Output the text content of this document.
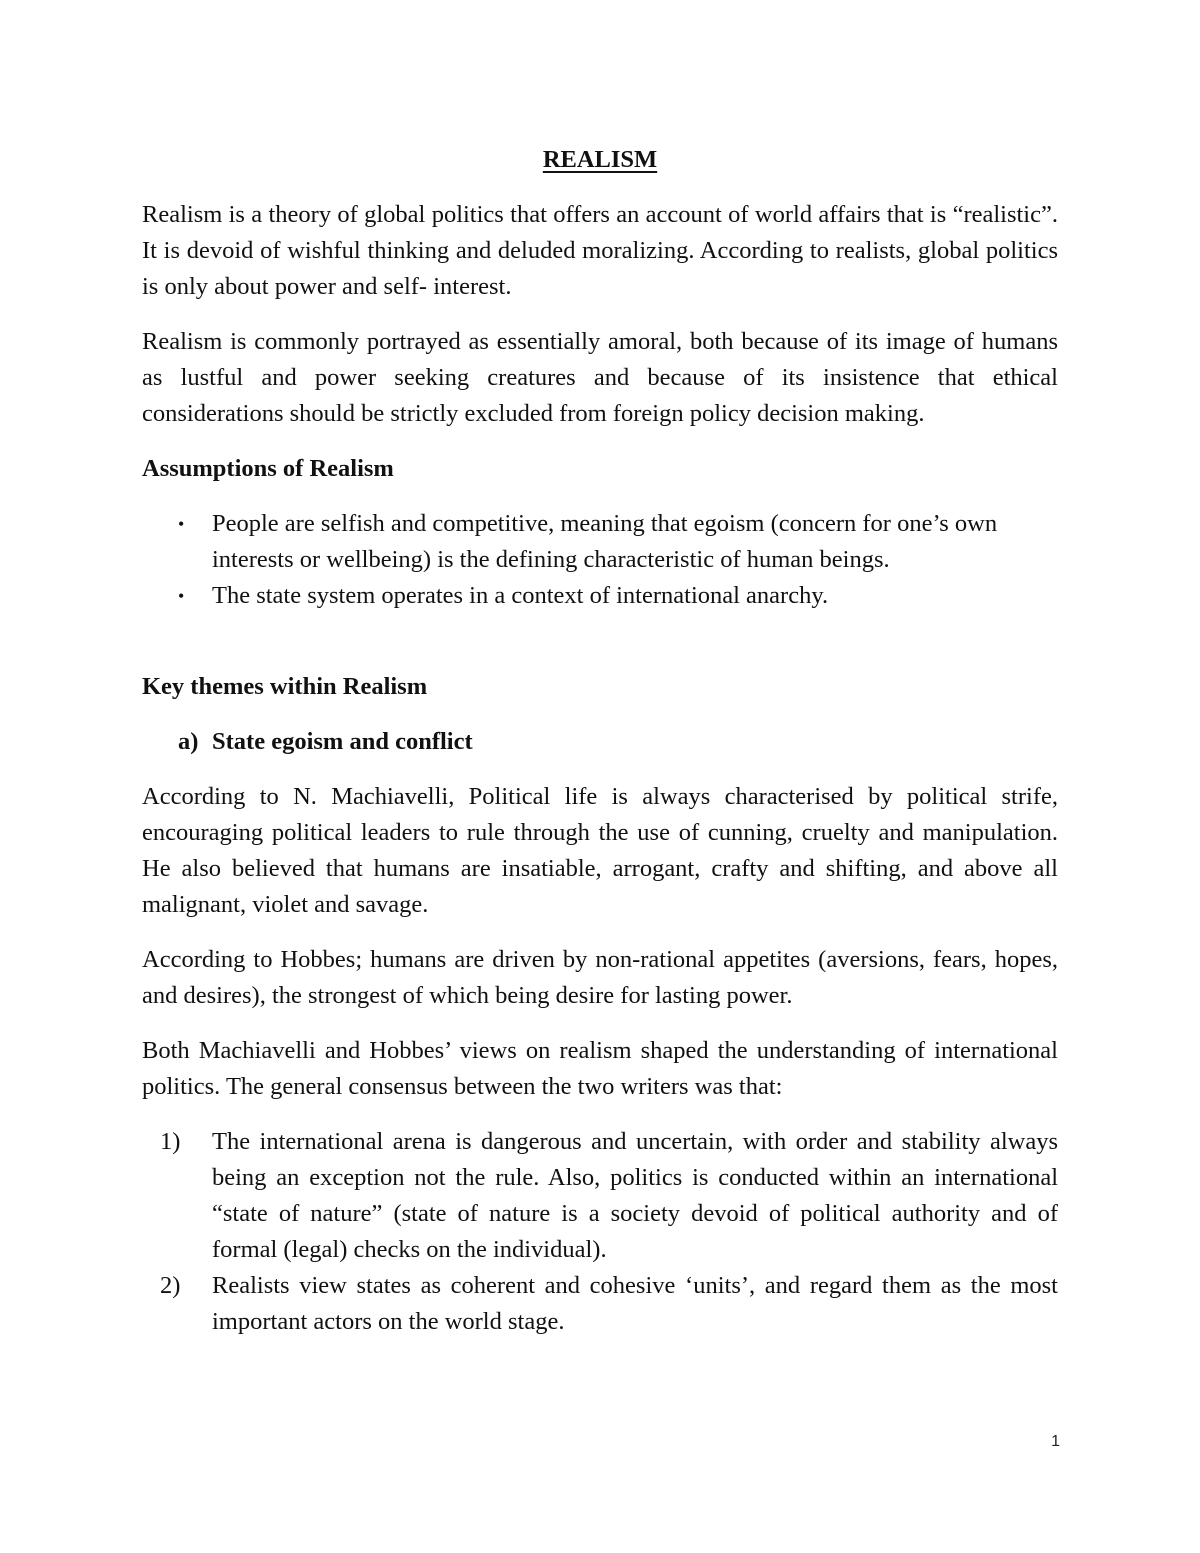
REALISM

Realism is a theory of global politics that offers an account of world affairs that is “realistic”. It is devoid of wishful thinking and deluded moralizing. According to realists, global politics is only about power and self- interest.

Realism is commonly portrayed as essentially amoral, both because of its image of humans as lustful and power seeking creatures and because of its insistence that ethical considerations should be strictly excluded from foreign policy decision making.

Assumptions of Realism
• People are selfish and competitive, meaning that egoism (concern for one’s own interests or wellbeing) is the defining characteristic of human beings.
• The state system operates in a context of international anarchy.
Key themes within Realism
a) State egoism and conflict

According to N. Machiavelli, Political life is always characterised by political strife, encouraging political leaders to rule through the use of cunning, cruelty and manipulation. He also believed that humans are insatiable, arrogant, crafty and shifting, and above all malignant, violet and savage.

According to Hobbes; humans are driven by non-rational appetites (aversions, fears, hopes, and desires), the strongest of which being desire for lasting power.

Both Machiavelli and Hobbes’ views on realism shaped the understanding of international politics. The general consensus between the two writers was that:

1) The international arena is dangerous and uncertain, with order and stability always being an exception not the rule. Also, politics is conducted within an international “state of nature” (state of nature is a society devoid of political authority and of formal (legal) checks on the individual).
2) Realists view states as coherent and cohesive ‘units’, and regard them as the most important actors on the world stage.
1
